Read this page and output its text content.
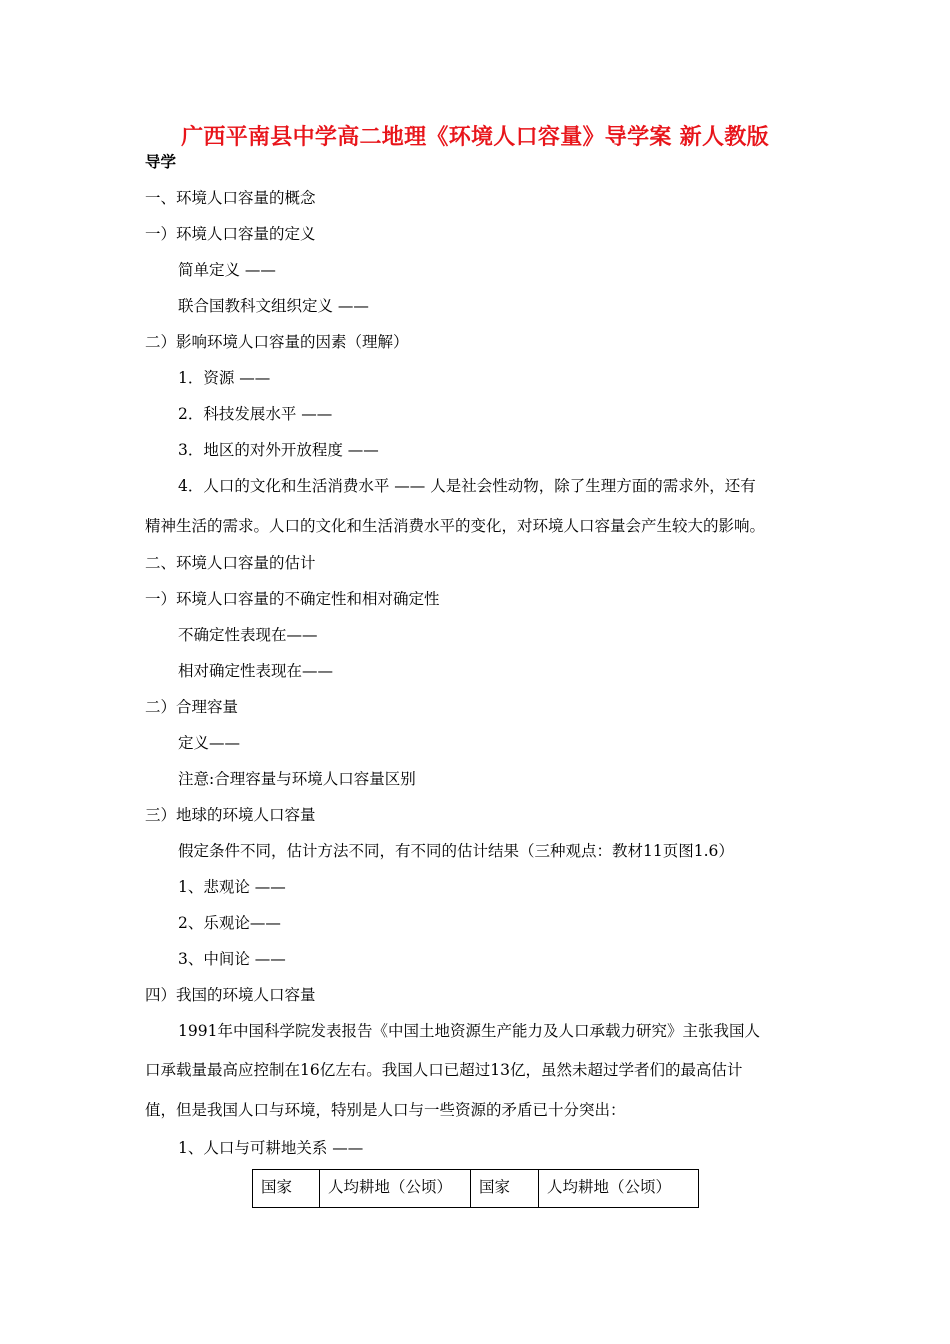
广西平南县中学高二地理《环境人口容量》导学案 新人教版
导学
一、环境人口容量的概念
一）环境人口容量的定义
简单定义 ——
联合国教科文组织定义 ——
二）影响环境人口容量的因素（理解）
1．资源 ——
2．科技发展水平 ——
3．地区的对外开放程度 ——
4．人口的文化和生活消费水平 —— 人是社会性动物，除了生理方面的需求外，还有
精神生活的需求。人口的文化和生活消费水平的变化，对环境人口容量会产生较大的影响。
二、环境人口容量的估计
一）环境人口容量的不确定性和相对确定性
不确定性表现在——
相对确定性表现在——
二）合理容量
定义——
注意:合理容量与环境人口容量区别
三）地球的环境人口容量
假定条件不同，估计方法不同，有不同的估计结果（三种观点：教材11页图1.6）
1、悲观论 ——
2、乐观论——
3、中间论 ——
四）我国的环境人口容量
1991年中国科学院发表报告《中国土地资源生产能力及人口承载力研究》主张我国人
口承载量最高应控制在16亿左右。我国人口已超过13亿，虽然未超过学者们的最高估计
值，但是我国人口与环境，特别是人口与一些资源的矛盾已十分突出：
1、人口与可耕地关系 ——
国家	人均耕地（公顷）	国家	人均耕地（公顷）
